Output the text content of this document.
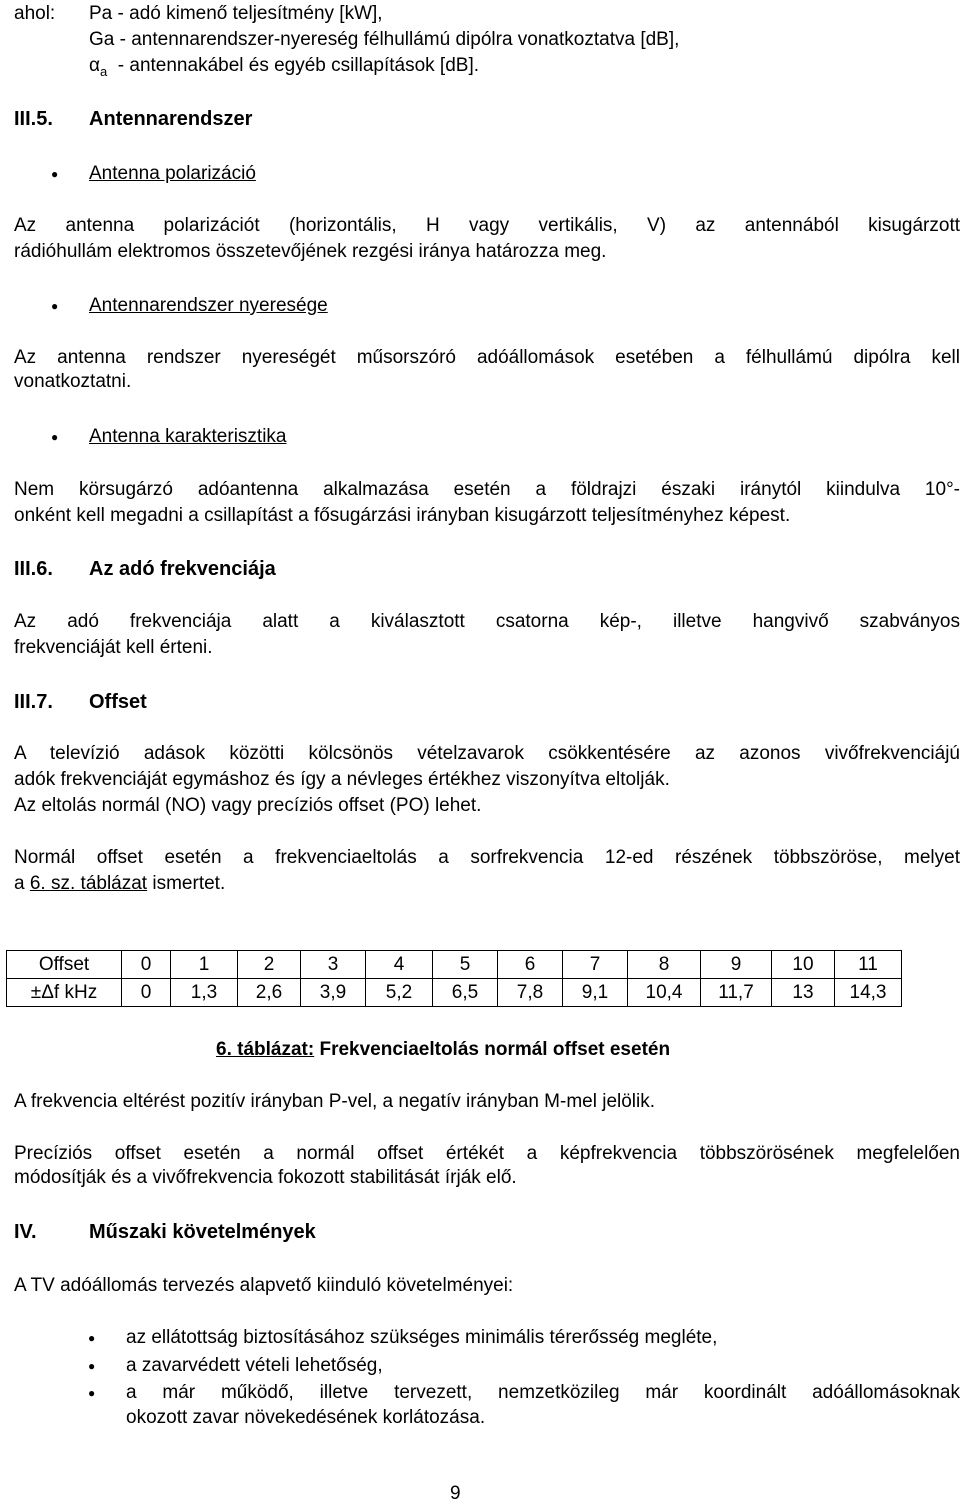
ahol: Pa - adó kimenő teljesítmény [kW],
Ga - antennarendszer-nyereség félhullámú dipólra vonatkoztatva [dB],
$\alpha_a$  - antennakábel és egyéb csillapítások [dB].
III.5. Antennarendszer
● Antenna polarizáció
Az antenna polarizációt (horizontális, H vagy vertikális, V) az antennából kisugárzott
rádióhullám elektromos összetevőjének rezgési iránya határozza meg.
● Antennarendszer nyeresége
Az antenna rendszer nyereségét műsorszóró adóállomások esetében a félhullámú dipólra kell
vonatkoztatni.
● Antenna karakterisztika
Nem körsugárzó adóantenna alkalmazása esetén a földrajzi északi iránytól kiindulva 10°-
onként kell megadni a csillapítást a fősugárzási irányban kisugárzott teljesítményhez képest.
III.6. Az adó frekvenciája
Az adó frekvenciája alatt a kiválasztott csatorna kép-, illetve hangvivő szabványos
frekvenciáját kell érteni.
III.7. Offset
A televízió adások közötti kölcsönös vételzavarok csökkentésére az azonos vivőfrekvenciájú
adók frekvenciáját egymáshoz és így a névleges értékhez viszonyítva eltolják.
Az eltolás normál (NO) vagy precíziós offset (PO) lehet.
Normál offset esetén a frekvenciaeltolás a sorfrekvencia 12-ed részének többszöröse, melyet
a 6. sz. táblázat ismertet.
Offset	0	1	2	3	4	5	6	7	8	9	10	11
±Δf kHz	0	1,3	2,6	3,9	5,2	6,5	7,8	9,1	10,4	11,7	13	14,3
6. táblázat: Frekvenciaeltolás normál offset esetén
A frekvencia eltérést pozitív irányban P-vel, a negatív irányban M-mel jelölik.
Precíziós offset esetén a normál offset értékét a képfrekvencia többszörösének megfelelően
módosítják és a vivőfrekvencia fokozott stabilitását írják elő.
IV.	Műszaki követelmények
A TV adóállomás tervezés alapvető kiinduló követelményei:
● az ellátottság biztosításához szükséges minimális térerősség megléte,
● a zavarvédett vételi lehetőség,
● a már működő, illetve tervezett, nemzetközileg már koordinált adóállomásoknak
okozott zavar növekedésének korlátozása.
9
